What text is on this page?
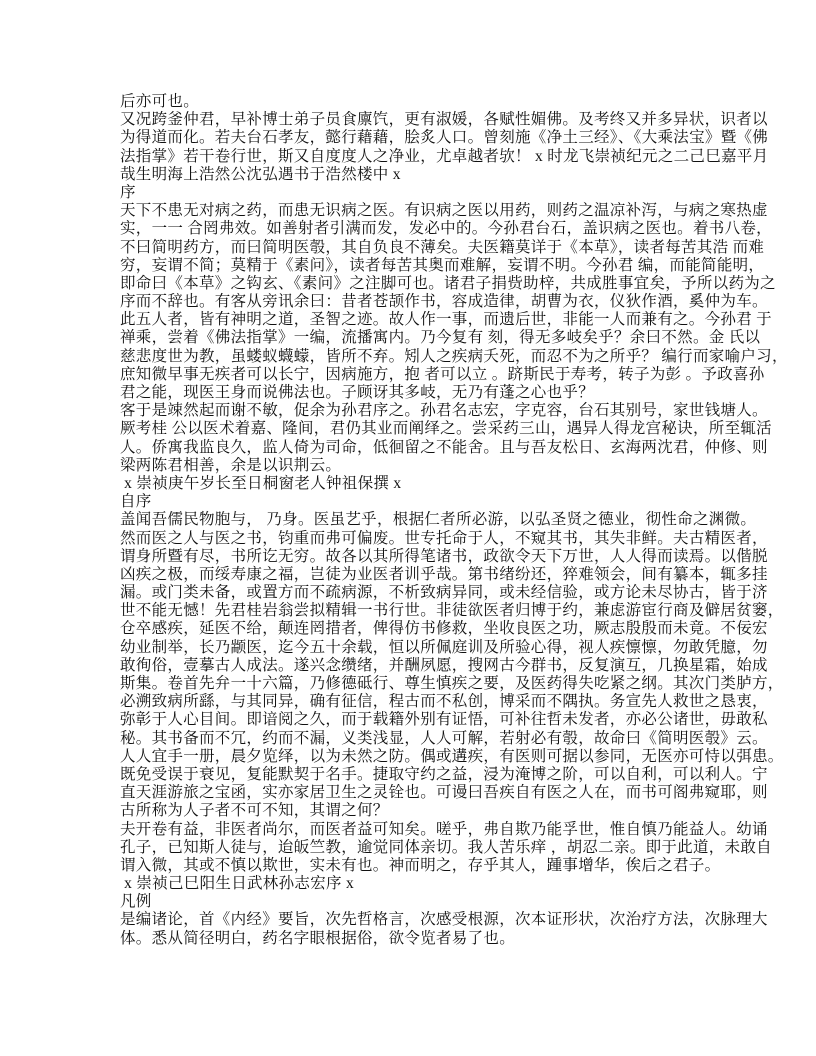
后亦可也。
又况跨釜仲君，早补博士弟子员食廪饩，更有淑媛，各赋性媚佛。及考终又并多异状，识者以
为得道而化。若夫台石孝友，懿行藉藉，脍炙人口。曾刻施《净土三经》、《大乘法宝》暨《佛
法指掌》若干卷行世，斯又自度度人之净业，尤卓越者欤！ x 时龙飞崇祯纪元之二己巳嘉平月
哉生明海上浩然公沈弘遇书于浩然楼中 x
序
天下不患无对病之药，而患无识病之医。有识病之医以用药，则药之温凉补泻，与病之寒热虚
实，一一 合罔弗效。如善射者引满而发，发必中的。今孙君台石，盖识病之医也。着书八卷，
不曰简明药方，而曰简明医彀，其自负良不薄矣。夫医籍莫详于《本草》，读者每苦其浩 而难
穷，妄谓不简；莫精于《素问》，读者每苦其奥而难解，妄谓不明。今孙君 编，而能简能明，
即命曰《本草》之钩玄、《素问》之注脚可也。诸君子捐赀助梓，共成胜事宜矣，予所以药为之
序而不辞也。有客从旁讯余曰：昔者苍颉作书，容成造律，胡曹为衣，仪狄作酒，奚仲为车。
此五人者，皆有神明之道，圣智之迹。故人作一事，而遗后世，非能一人而兼有之。今孙君 于
禅乘，尝着《佛法指掌》一编，流播寓内。乃今复有 刻，得无多岐矣乎？余曰不然。金 氏以
慈悲度世为教，虽蝼蚁蠛蠓，皆所不弃。矧人之疾病夭死，而忍不为之所乎？ 编行而家喻户习，
庶知微早事无疾者可以长宁，因病施方，抱 者可以立 。跻斯民于寿考，转子为彭 。予政喜孙
君之能，现医王身而说佛法也。子顾讶其多岐，无乃有蓬之心也乎？
客于是竦然起而谢不敏，促余为孙君序之。孙君名志宏，字克容，台石其别号，家世钱塘人。
厥考桂 公以医术着嘉、隆间，君仍其业而阐绎之。尝采药三山，遇异人得龙宫秘诀，所至辄活
人。侨寓我监良久，监人倚为司命，低徊留之不能舍。且与吾友松日、玄海两沈君，仲修、则
梁两陈君相善，余是以识荆云。
x 崇祯庚午岁长至日桐窗老人钟祖保撰 x
自序
盖闻吾儒民物胞与， 乃身。医虽艺乎，根据仁者所必游，以弘圣贤之德业，彻性命之渊微。
然而医之人与医之书，钧重而弗可偏废。世专托命于人，不窥其书，其失非鲜。夫古精医者，
谓身所暨有尽，书所讫无穷。故各以其所得笔诸书，政欲令天下万世，人人得而读焉。以偕脱
凶疾之极，而绥寿康之福，岂徒为业医者训乎哉。第书绪纷还，猝难领会，间有纂本，辄多挂
漏。或门类未备，或置方而不疏病源，不析致病异同，或未经信验，或方论未尽协古，皆于济
世不能无憾！先君桂岩翁尝拟精辑一书行世。非徒欲医者归博于约，兼虑游宦行商及僻居贫窭，
仓卒感疾，延医不给，颠连罔措者，俾得仿书修救，坐收良医之功，厥志殷殷而未竟。不佞宏
幼业制举，长乃颛医，迄今五十余载，恒以所佩庭训及所验心得，视人疾懔懔，勿敢凭臆，勿
敢徇俗，壹摹古人成法。遂兴念缵绪，并酬夙愿，搜网古今群书，反复演互，几换星霜，始成
斯集。卷首先弁一十六篇，乃修德砥行、尊生慎疾之要，及医药得失吃紧之纲。其次门类胪方，
必溯致病所繇，与其同异，确有征信，程古而不私创，博采而不隅执。务宣先人救世之恳衷，
弥彰于人心目间。即谙阅之久，而于载籍外别有证悟，可补往哲未发者，亦必公诸世，毋敢私
秘。其书备而不冗，约而不漏，义类浅显，人人可解，若射必有彀，故命曰《简明医彀》云。
人人宜手一册，晨夕览绎，以为未然之防。偶或遘疾，有医则可据以参同，无医亦可恃以弭患。
既免受误于衰见，复能默契于名手。捷取守约之益，浸为淹博之阶，可以自利，可以利人。宁
直天涯游旅之宝函，实亦家居卫生之灵铨也。可谩曰吾疾自有医之人在，而书可阁弗窥耶，则
古所称为人子者不可不知，其谓之何？
夫开卷有益，非医者尚尔，而医者益可知矣。嗟乎，弗自欺乃能孚世，惟自慎乃能益人。幼诵
孔子，已知斯人徒与，迨皈竺教，逾觉同体亲切。我人苦乐痒 ，胡忍二亲。即于此道，未敢自
谓入微，其或不慎以欺世，实未有也。神而明之，存乎其人，踵事增华，俟后之君子。
x 崇祯己巳阳生日武林孙志宏序 x
凡例
是编诸论，首《内经》要旨，次先哲格言，次感受根源，次本证形状，次治疗方法，次脉理大
体。悉从简径明白，药名字眼根据俗，欲令览者易了也。
